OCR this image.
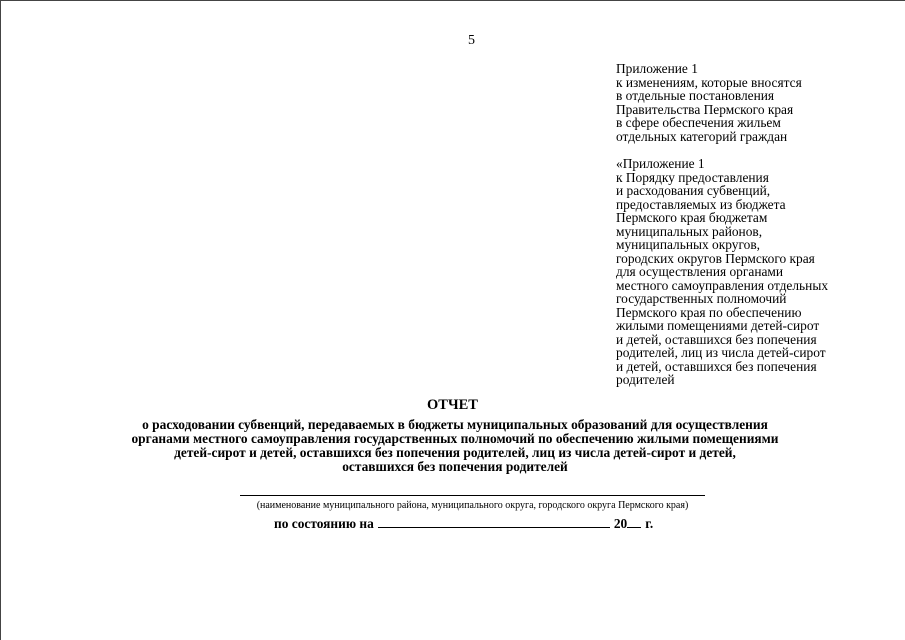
5
Приложение 1
к изменениям, которые вносятся
в отдельные постановления
Правительства Пермского края
в сфере обеспечения жильем
отдельных категорий граждан
«Приложение 1
к Порядку предоставления
и расходования субвенций,
предоставляемых из бюджета
Пермского края бюджетам
муниципальных районов,
муниципальных округов,
городских округов Пермского края
для осуществления органами
местного самоуправления отдельных
государственных полномочий
Пермского края по обеспечению
жилыми помещениями детей-сирот
и детей, оставшихся без попечения
родителей, лиц из числа детей-сирот
и детей, оставшихся без попечения
родителей
ОТЧЕТ
о расходовании субвенций, передаваемых в бюджеты муниципальных образований для осуществления
органами местного самоуправления государственных полномочий по обеспечению жилыми помещениями
детей-сирот и детей, оставшихся без попечения родителей, лиц из числа детей-сирот и детей,
оставшихся без попечения родителей
(наименование муниципального района, муниципального округа, городского округа Пермского края)
по состоянию на	20 г.
